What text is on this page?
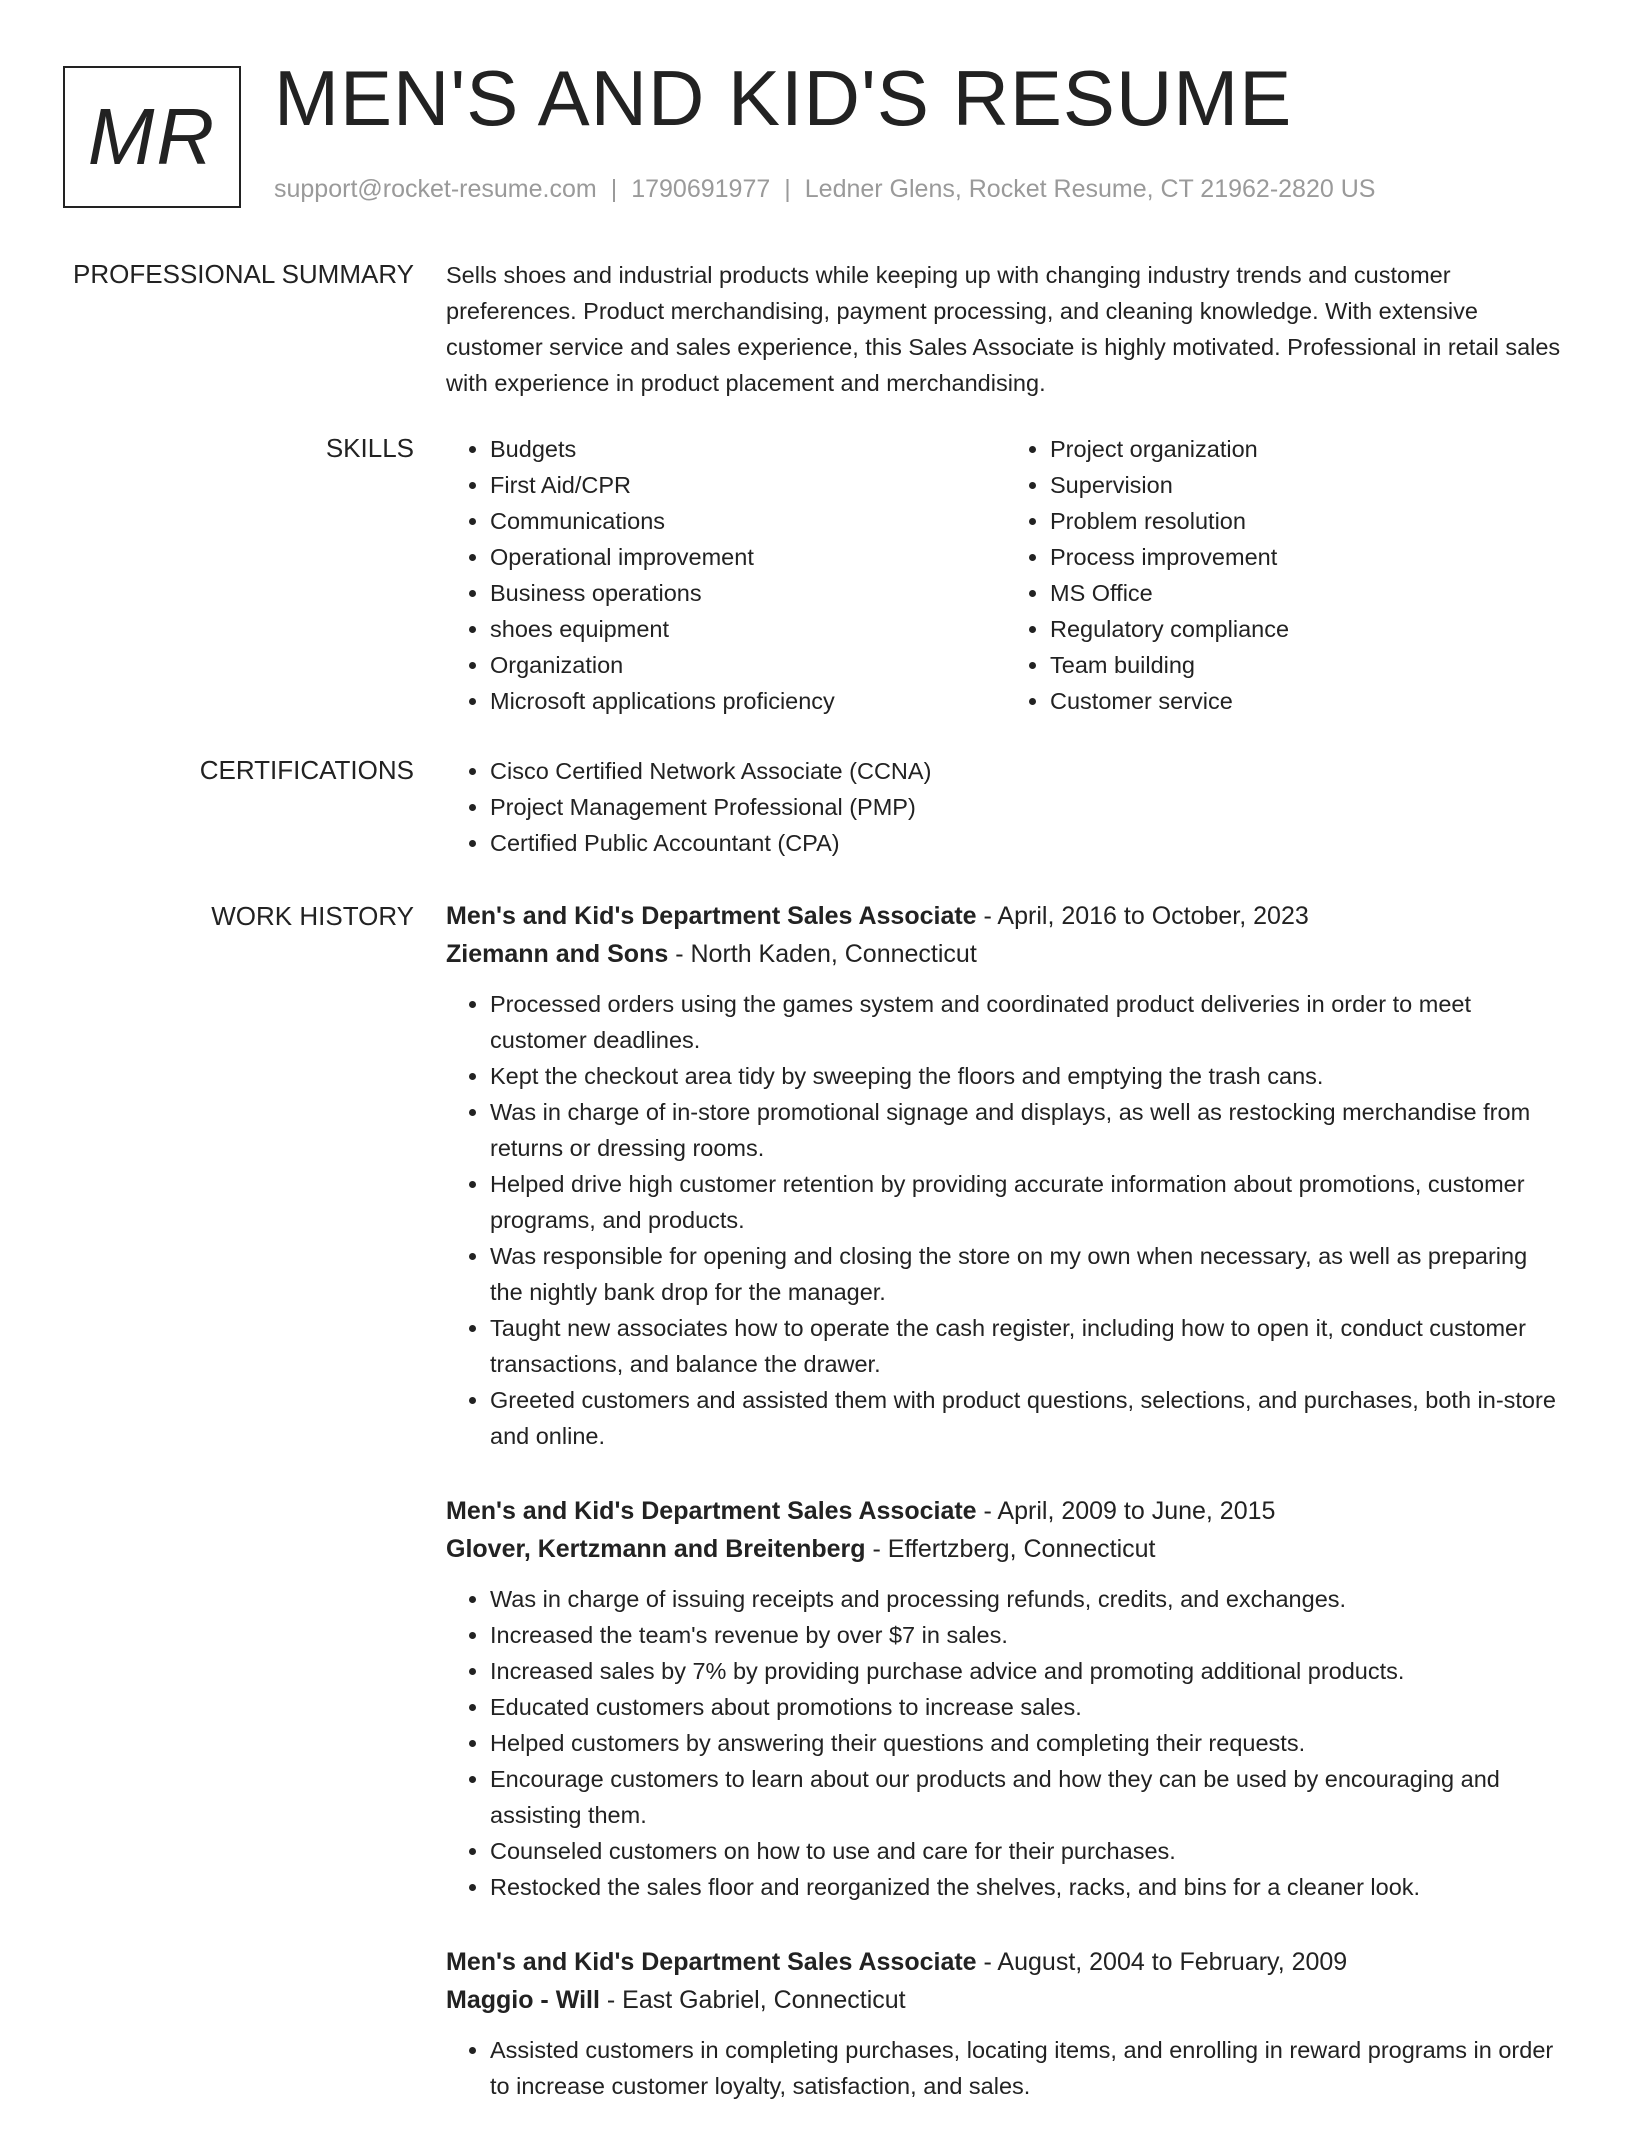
MR MEN'S AND KID'S RESUME
support@rocket-resume.com | 1790691977 | Ledner Glens, Rocket Resume, CT 21962-2820 US
PROFESSIONAL SUMMARY Sells shoes and industrial products while keeping up with changing industry trends and customer preferences. Product merchandising, payment processing, and cleaning knowledge. With extensive customer service and sales experience, this Sales Associate is highly motivated. Professional in retail sales with experience in product placement and merchandising.

SKILLS	• Budgets
• First Aid/CPR
• Communications
• Operational improvement
• Business operations
• shoes equipment
• Organization
• Microsoft applications proficiency
• Project organization
• Supervision
• Problem resolution
• Process improvement
• MS Office
• Regulatory compliance
• Team building
• Customer service
CERTIFICATIONS	• Cisco Certified Network Associate (CCNA)
• Project Management Professional (PMP)
• Certified Public Accountant (CPA)
WORK HISTORY Men's and Kid's Department Sales Associate - April, 2016 to October, 2023

Ziemann and Sons - North Kaden, Connecticut

• Processed orders using the games system and coordinated product deliveries in order to meet customer deadlines.
• Kept the checkout area tidy by sweeping the floors and emptying the trash cans.
• Was in charge of in-store promotional signage and displays, as well as restocking merchandise from returns or dressing rooms.
• Helped drive high customer retention by providing accurate information about promotions, customer programs, and products.
• Was responsible for opening and closing the store on my own when necessary, as well as preparing the nightly bank drop for the manager.
• Taught new associates how to operate the cash register, including how to open it, conduct customer transactions, and balance the drawer.
• Greeted customers and assisted them with product questions, selections, and purchases, both in-store and online.

Men's and Kid's Department Sales Associate - April, 2009 to June, 2015

Glover, Kertzmann and Breitenberg - Effertzberg, Connecticut

• Was in charge of issuing receipts and processing refunds, credits, and exchanges.
• Increased the team's revenue by over $7 in sales.
• Increased sales by 7% by providing purchase advice and promoting additional products.
• Educated customers about promotions to increase sales.
• Helped customers by answering their questions and completing their requests.
• Encourage customers to learn about our products and how they can be used by encouraging and assisting them.
• Counseled customers on how to use and care for their purchases.
• Restocked the sales floor and reorganized the shelves, racks, and bins for a cleaner look.

Men's and Kid's Department Sales Associate - August, 2004 to February, 2009

Maggio - Will - East Gabriel, Connecticut

• Assisted customers in completing purchases, locating items, and enrolling in reward programs in order to increase customer loyalty, satisfaction, and sales.
